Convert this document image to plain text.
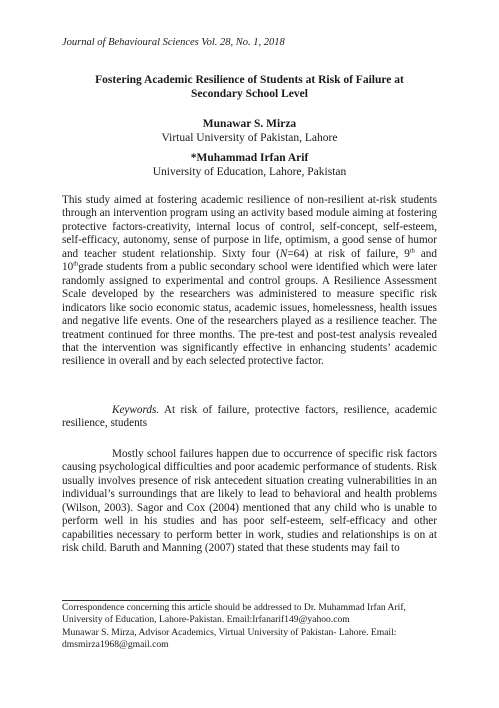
Journal of Behavioural Sciences Vol. 28, No. 1, 2018
Fostering Academic Resilience of Students at Risk of Failure at
Secondary School Level
Munawar S. Mirza
Virtual University of Pakistan, Lahore
*Muhammad Irfan Arif
University of Education, Lahore, Pakistan
This study aimed at fostering academic resilience of non-resilient at-risk students through an intervention program using an activity based module aiming at fostering protective factors-creativity, internal locus of control, self-concept, self-esteem, self-efficacy, autonomy, sense of purpose in life, optimism, a good sense of humor and teacher student relationship. Sixty four (N=64) at risk of failure, 9th and 10thgrade students from a public secondary school were identified which were later randomly assigned to experimental and control groups. A Resilience Assessment Scale developed by the researchers was administered to measure specific risk indicators like socio economic status, academic issues, homelessness, health issues and negative life events. One of the researchers played as a resilience teacher. The treatment continued for three months. The pre-test and post-test analysis revealed that the intervention was significantly effective in enhancing students’ academic resilience in overall and by each selected protective factor.
Keywords. At risk of failure, protective factors, resilience, academic resilience, students
Mostly school failures happen due to occurrence of specific risk factors causing psychological difficulties and poor academic performance of students. Risk usually involves presence of risk antecedent situation creating vulnerabilities in an individual’s surroundings that are likely to lead to behavioral and health problems (Wilson, 2003). Sagor and Cox (2004) mentioned that any child who is unable to perform well in his studies and has poor self-esteem, self-efficacy and other capabilities necessary to perform better in work, studies and relationships is on at risk child. Baruth and Manning (2007) stated that these students may fail to

Correspondence concerning this article should be addressed to Dr. Muhammad Irfan Arif, University of Education, Lahore-Pakistan. Email:Irfanarif149@yahoo.com

Munawar S. Mirza, Advisor Academics, Virtual University of Pakistan- Lahore. Email: dmsmirza1968@gmail.com
